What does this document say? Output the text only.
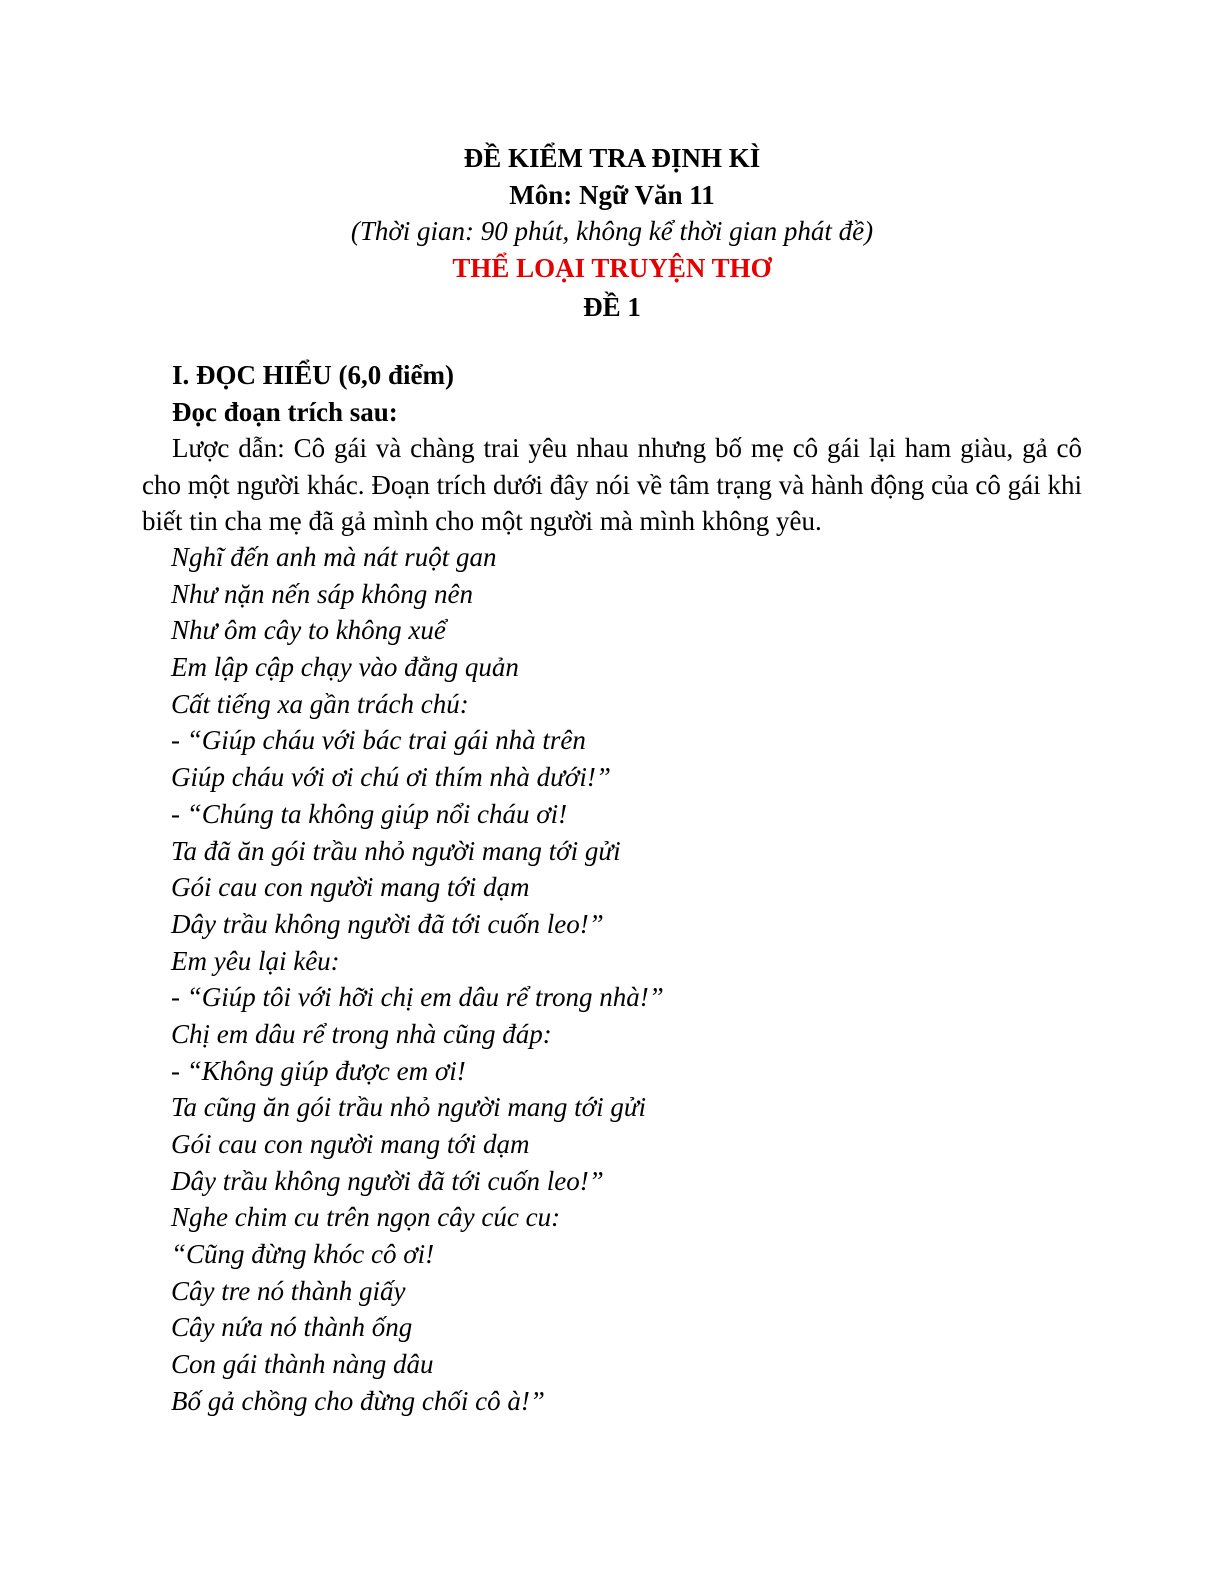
ĐỀ KIỂM TRA ĐỊNH KÌ
Môn: Ngữ Văn 11
(Thời gian: 90 phút, không kể thời gian phát đề)
THỂ LOẠI TRUYỆN THƠ
ĐỀ 1

I. ĐỌC HIỂU (6,0 điểm)

Đọc đoạn trích sau:

Lược dẫn: Cô gái và chàng trai yêu nhau nhưng bố mẹ cô gái lại ham giàu, gả cô cho một người khác. Đoạn trích dưới đây nói về tâm trạng và hành động của cô gái khi biết tin cha mẹ đã gả mình cho một người mà mình không yêu.

Nghĩ đến anh mà nát ruột gan
Như nặn nến sáp không nên
Như ôm cây to không xuể
Em lập cập chạy vào đằng quản
Cất tiếng xa gần trách chú:
- “Giúp cháu với bác trai gái nhà trên
Giúp cháu với ơi chú ơi thím nhà dưới!”
- “Chúng ta không giúp nổi cháu ơi!
Ta đã ăn gói trầu nhỏ người mang tới gửi
Gói cau con người mang tới dạm
Dây trầu không người đã tới cuốn leo!”
Em yêu lại kêu:
- “Giúp tôi với hỡi chị em dâu rể trong nhà!”
Chị em dâu rể trong nhà cũng đáp:
- “Không giúp được em ơi!
Ta cũng ăn gói trầu nhỏ người mang tới gửi
Gói cau con người mang tới dạm
Dây trầu không người đã tới cuốn leo!”
Nghe chim cu trên ngọn cây cúc cu:
“Cũng đừng khóc cô ơi!
Cây tre nó thành giấy
Cây nứa nó thành ống
Con gái thành nàng dâu
Bố gả chồng cho đừng chối cô à!”
